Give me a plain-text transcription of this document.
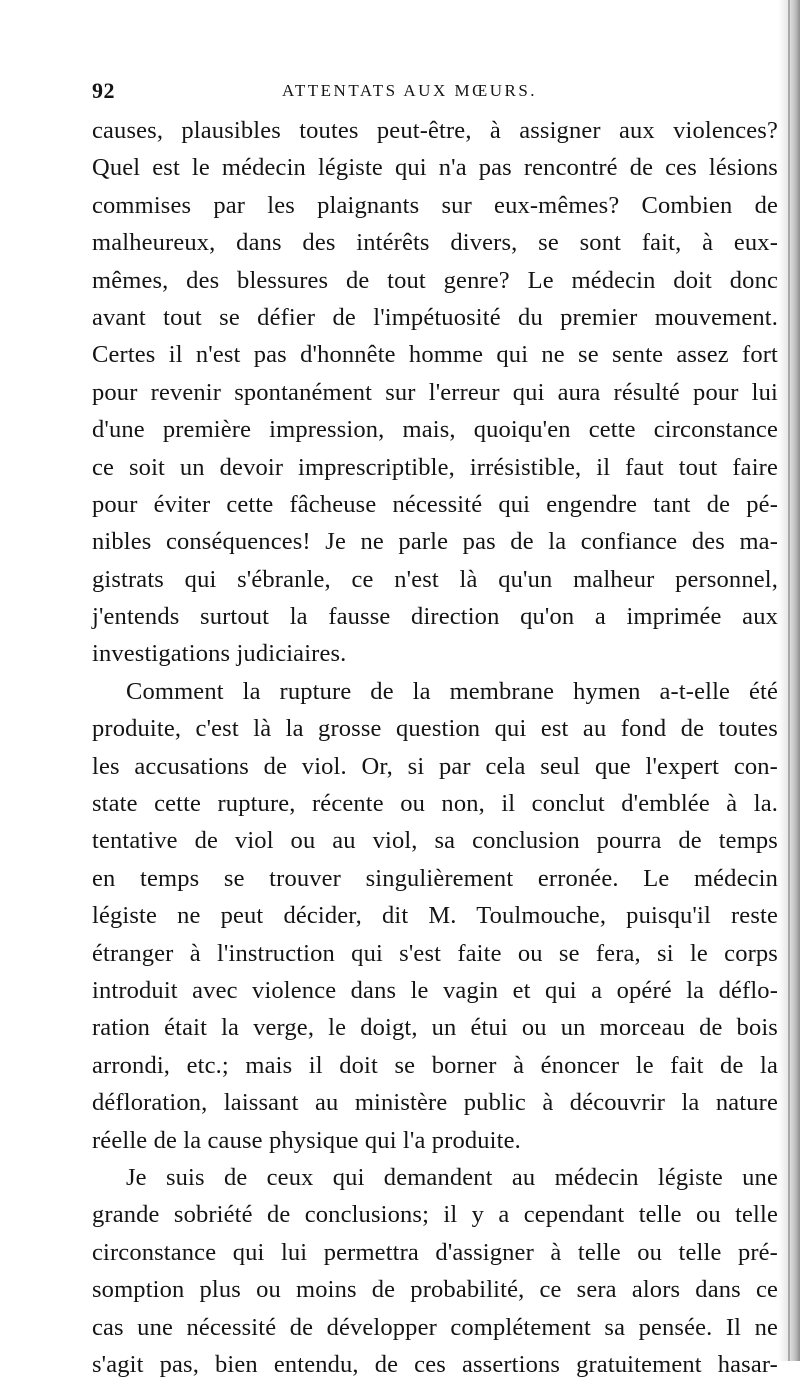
92	ATTENTATS AUX MŒURS.
causes, plausibles toutes peut-être, à assigner aux violences?
Quel est le médecin légiste qui n'a pas rencontré de ces lésions
commises par les plaignants sur eux-mêmes? Combien de
malheureux, dans des intérêts divers, se sont fait, à eux-
mêmes, des blessures de tout genre? Le médecin doit donc
avant tout se défier de l'impétuosité du premier mouvement.
Certes il n'est pas d'honnête homme qui ne se sente assez fort
pour revenir spontanément sur l'erreur qui aura résulté pour lui
d'une première impression, mais, quoiqu'en cette circonstance
ce soit un devoir imprescriptible, irrésistible, il faut tout faire
pour éviter cette fâcheuse nécessité qui engendre tant de pé-
nibles conséquences! Je ne parle pas de la confiance des ma-
gistrats qui s'ébranle, ce n'est là qu'un malheur personnel,
j'entends surtout la fausse direction qu'on a imprimée aux
investigations judiciaires.
Comment la rupture de la membrane hymen a-t-elle été
produite, c'est là la grosse question qui est au fond de toutes
les accusations de viol. Or, si par cela seul que l'expert con-
state cette rupture, récente ou non, il conclut d'emblée à la.
tentative de viol ou au viol, sa conclusion pourra de temps
en temps se trouver singulièrement erronée. Le médecin
légiste ne peut décider, dit M. Toulmouche, puisqu'il reste
étranger à l'instruction qui s'est faite ou se fera, si le corps
introduit avec violence dans le vagin et qui a opéré la déflo-
ration était la verge, le doigt, un étui ou un morceau de bois
arrondi, etc.; mais il doit se borner à énoncer le fait de la
défloration, laissant au ministère public à découvrir la nature
réelle de la cause physique qui l'a produite.
Je suis de ceux qui demandent au médecin légiste une
grande sobriété de conclusions; il y a cependant telle ou telle
circonstance qui lui permettra d'assigner à telle ou telle pré-
somption plus ou moins de probabilité, ce sera alors dans ce
cas une nécessité de développer complétement sa pensée. Il ne
s'agit pas, bien entendu, de ces assertions gratuitement hasar-
